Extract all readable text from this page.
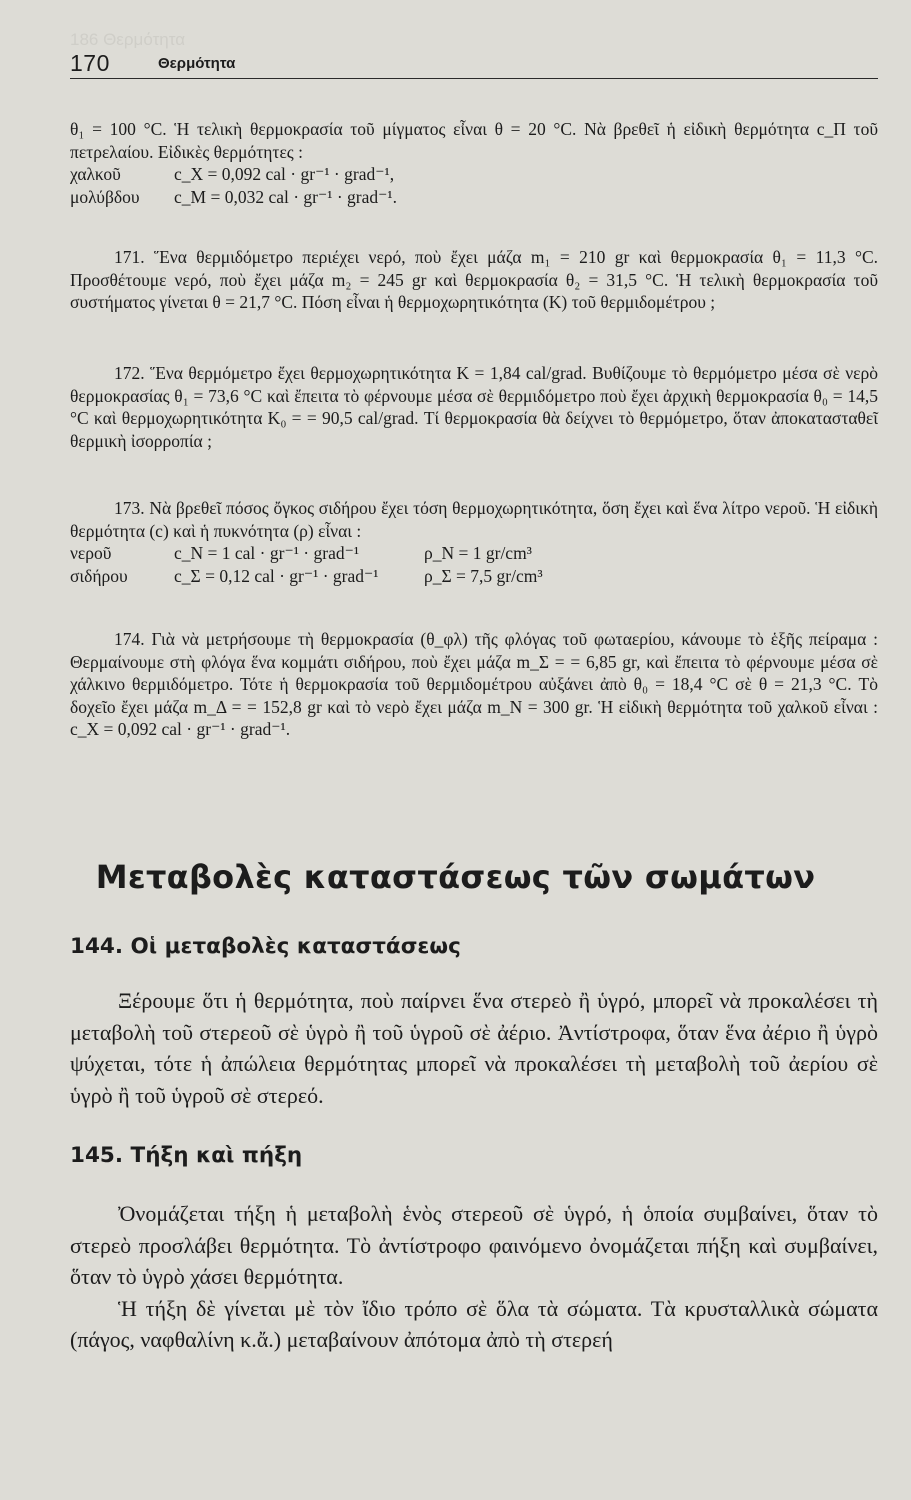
186 Θερμότητα
170	Θερμότητα

θ₁ = 100 °C. Ἡ τελικὴ θερμοκρασία τοῦ μίγματος εἶναι θ = 20 °C. Νὰ βρεθεῖ ἡ εἰδικὴ θερμότητα c_Π τοῦ πετρελαίου. Εἰδικὲς θερμότητες :

χαλκοῦ	c_X = 0,092 cal · gr⁻¹ · grad⁻¹,
μολύβδου	c_M = 0,032 cal · gr⁻¹ · grad⁻¹.

171. Ἕνα θερμιδόμετρο περιέχει νερό, ποὺ ἔχει μάζα m₁ = 210 gr καὶ θερμοκρασία θ₁ = 11,3 °C. Προσθέτουμε νερό, ποὺ ἔχει μάζα m₂ = 245 gr καὶ θερμοκρασία θ₂ = 31,5 °C. Ἡ τελικὴ θερμοκρασία τοῦ συστήματος γίνεται θ = 21,7 °C. Πόση εἶναι ἡ θερμοχωρητικότητα (K) τοῦ θερμιδομέτρου ;

172. Ἕνα θερμόμετρο ἔχει θερμοχωρητικότητα K = 1,84 cal/grad. Βυθίζουμε τὸ θερμόμετρο μέσα σὲ νερὸ θερμοκρασίας θ₁ = 73,6 °C καὶ ἔπειτα τὸ φέρνουμε μέσα σὲ θερμιδόμετρο ποὺ ἔχει ἀρχικὴ θερμοκρασία θ₀ = 14,5 °C καὶ θερμοχωρητικότητα K₀ = = 90,5 cal/grad. Τί θερμοκρασία θὰ δείχνει τὸ θερμόμετρο, ὅταν ἀποκατασταθεῖ θερμικὴ ἰσορροπία ;

173. Νὰ βρεθεῖ πόσος ὄγκος σιδήρου ἔχει τόση θερμοχωρητικότητα, ὅση ἔχει καὶ ἕνα λίτρο νεροῦ. Ἡ εἰδικὴ θερμότητα (c) καὶ ἡ πυκνότητα (ρ) εἶναι :

νεροῦ	c_N = 1 cal · gr⁻¹ · grad⁻¹	ρ_N = 1 gr/cm³
σιδήρου	c_Σ = 0,12 cal · gr⁻¹ · grad⁻¹	ρ_Σ = 7,5 gr/cm³

174. Γιὰ νὰ μετρήσουμε τὴ θερμοκρασία (θ_φλ) τῆς φλόγας τοῦ φωταερίου, κάνουμε τὸ ἑξῆς πείραμα : Θερμαίνουμε στὴ φλόγα ἕνα κομμάτι σιδήρου, ποὺ ἔχει μάζα m_Σ = = 6,85 gr, καὶ ἔπειτα τὸ φέρνουμε μέσα σὲ χάλκινο θερμιδόμετρο. Τότε ἡ θερμοκρασία τοῦ θερμιδομέτρου αὐξάνει ἀπὸ θ₀ = 18,4 °C σὲ θ = 21,3 °C. Τὸ δοχεῖο ἔχει μάζα m_Δ = = 152,8 gr καὶ τὸ νερὸ ἔχει μάζα m_N = 300 gr. Ἡ εἰδικὴ θερμότητα τοῦ χαλκοῦ εἶναι : c_X = 0,092 cal · gr⁻¹ · grad⁻¹.

Μεταβολὲς καταστάσεως τῶν σωμάτων
144. Οἱ μεταβολὲς καταστάσεως

Ξέρουμε ὅτι ἡ θερμότητα, ποὺ παίρνει ἕνα στερεὸ ἢ ὑγρό, μπορεῖ νὰ προκαλέσει τὴ μεταβολὴ τοῦ στερεοῦ σὲ ὑγρὸ ἢ τοῦ ὑγροῦ σὲ ἀέριο. Ἀντίστροφα, ὅταν ἕνα ἀέριο ἢ ὑγρὸ ψύχεται, τότε ἡ ἀπώλεια θερμότητας μπορεῖ νὰ προκαλέσει τὴ μεταβολὴ τοῦ ἀερίου σὲ ὑγρὸ ἢ τοῦ ὑγροῦ σὲ στερεό.

145. Τήξη καὶ πήξη

Ὀνομάζεται τήξη ἡ μεταβολὴ ἑνὸς στερεοῦ σὲ ὑγρό, ἡ ὁποία συμβαίνει, ὅταν τὸ στερεὸ προσλάβει θερμότητα. Τὸ ἀντίστροφο φαινόμενο ὀνομάζεται πήξη καὶ συμβαίνει, ὅταν τὸ ὑγρὸ χάσει θερμότητα.

Ἡ τήξη δὲ γίνεται μὲ τὸν ἴδιο τρόπο σὲ ὅλα τὰ σώματα. Τὰ κρυσταλλικὰ σώματα (πάγος, ναφθαλίνη κ.ἄ.) μεταβαίνουν ἀπότομα ἀπὸ τὴ στερεή
